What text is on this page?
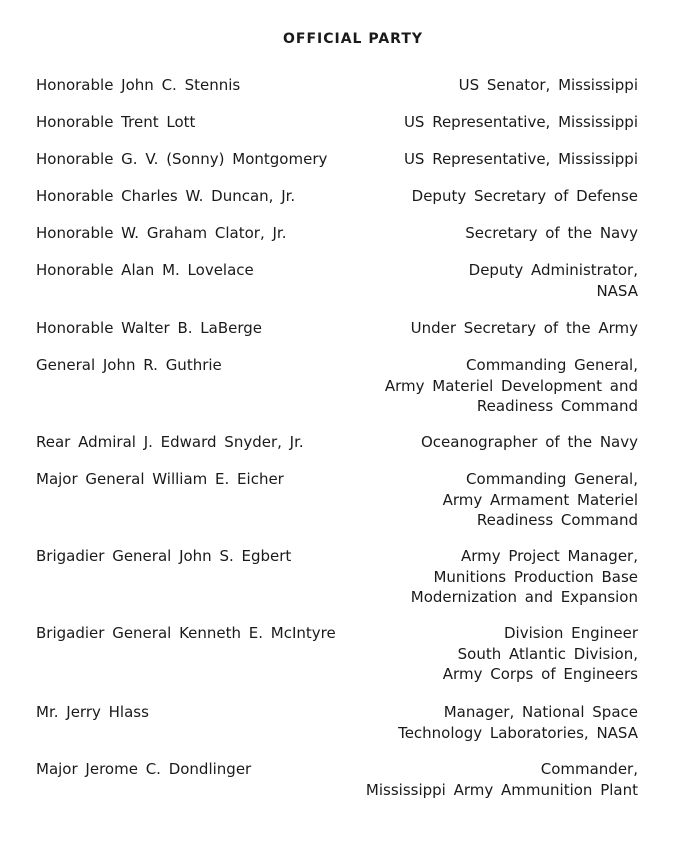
OFFICIAL PARTY
Honorable John C. Stennis	US Senator, Mississippi
Honorable Trent Lott	US Representative, Mississippi
Honorable G. V. (Sonny) Montgomery	US Representative, Mississippi
Honorable Charles W. Duncan, Jr.	Deputy Secretary of Defense
Honorable W. Graham Clator, Jr.	Secretary of the Navy
Honorable Alan M. Lovelace	Deputy Administrator,
NASA
Honorable Walter B. LaBerge	Under Secretary of the Army
General John R. Guthrie	Commanding General,
Army Materiel Development and
Readiness Command
Rear Admiral J. Edward Snyder, Jr.	Oceanographer of the Navy
Major General William E. Eicher	Commanding General,
Army Armament Materiel
Readiness Command
Brigadier General John S. Egbert	Army Project Manager,
Munitions Production Base
Modernization and Expansion
Brigadier General Kenneth E. McIntyre	Division Engineer
South Atlantic Division,
Army Corps of Engineers
Mr. Jerry Hlass	Manager, National Space
Technology Laboratories, NASA
Major Jerome C. Dondlinger	Commander,
Mississippi Army Ammunition Plant
